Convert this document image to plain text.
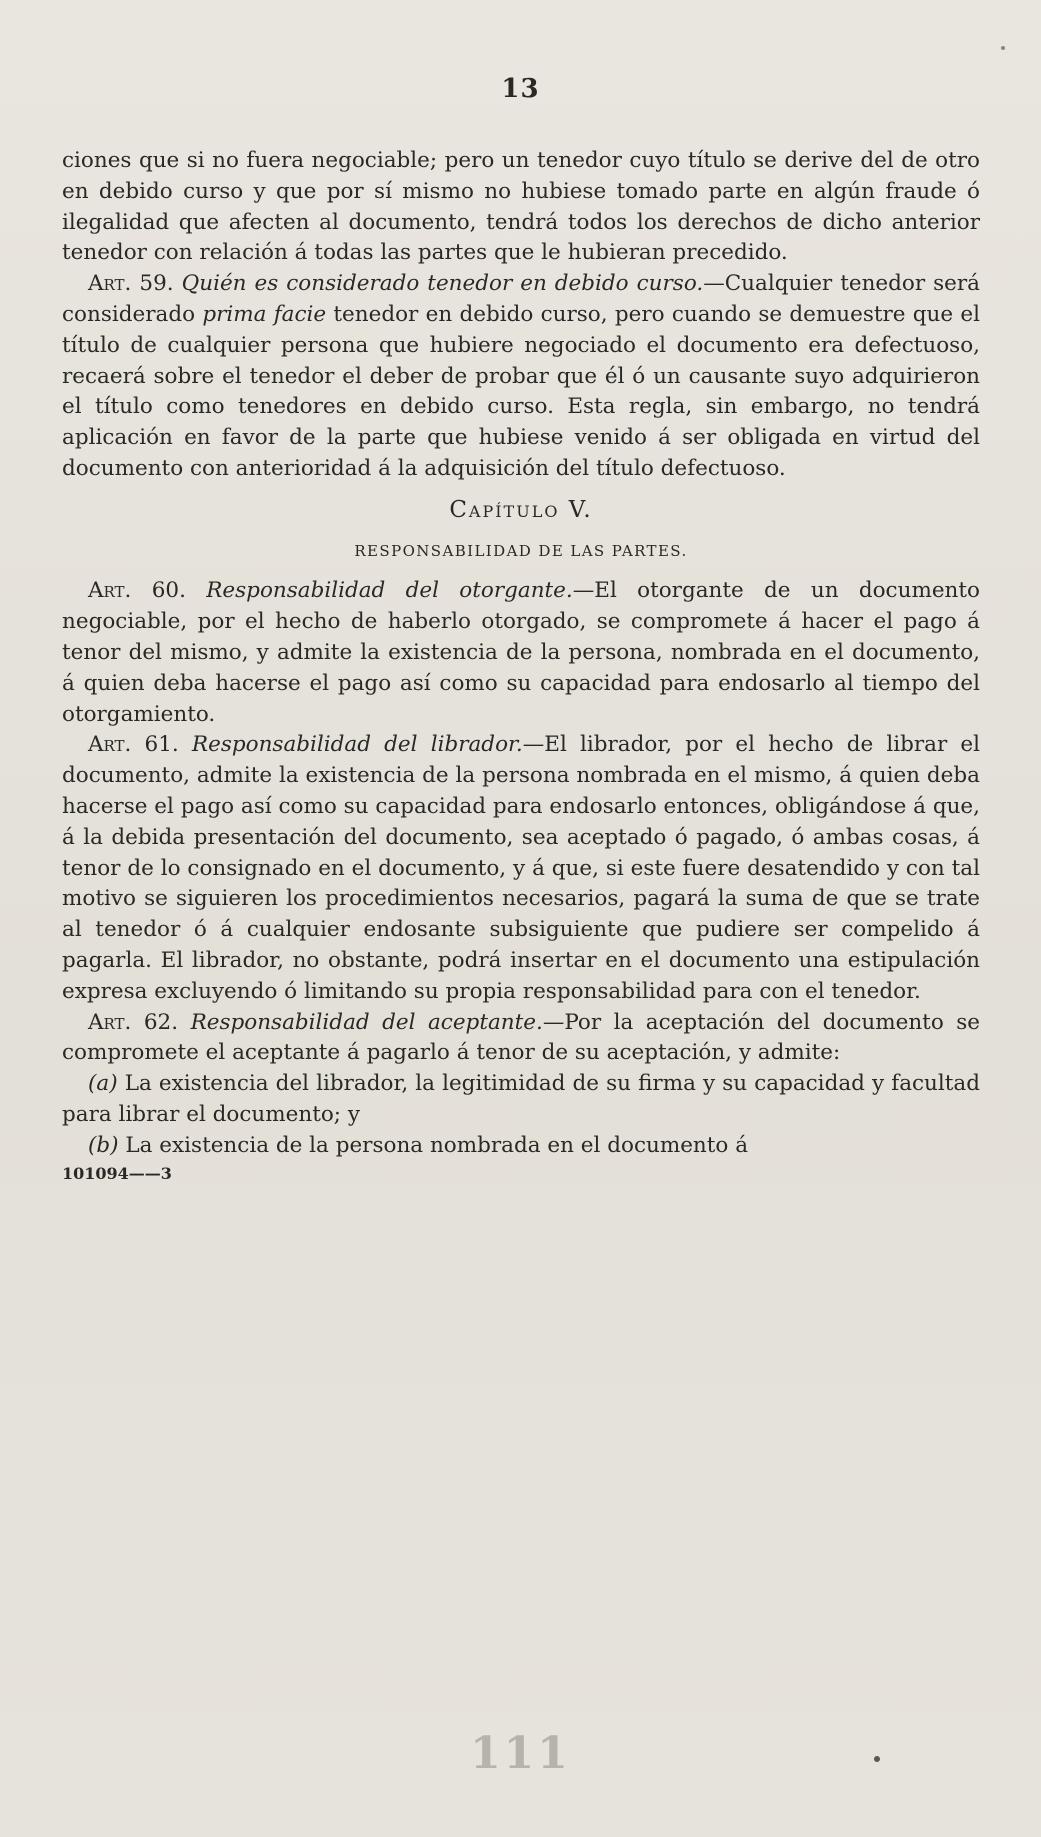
13

ciones que si no fuera negociable; pero un tenedor cuyo título se derive del de otro en debido curso y que por sí mismo no hubiese tomado parte en algún fraude ó ilegalidad que afecten al documento, tendrá todos los derechos de dicho anterior tenedor con relación á todas las partes que le hubieran precedido.

Art. 59. Quién es considerado tenedor en debido curso.—Cualquier tenedor será considerado prima facie tenedor en debido curso, pero cuando se demuestre que el título de cualquier persona que hubiere negociado el documento era defectuoso, recaerá sobre el tenedor el deber de probar que él ó un causante suyo adquirieron el título como tenedores en debido curso. Esta regla, sin embargo, no tendrá aplicación en favor de la parte que hubiese venido á ser obligada en virtud del documento con anterioridad á la adquisición del título defectuoso.

Capítulo V.
RESPONSABILIDAD DE LAS PARTES.

Art. 60. Responsabilidad del otorgante.—El otorgante de un documento negociable, por el hecho de haberlo otorgado, se compromete á hacer el pago á tenor del mismo, y admite la existencia de la persona, nombrada en el documento, á quien deba hacerse el pago así como su capacidad para endosarlo al tiempo del otorgamiento.

Art. 61. Responsabilidad del librador.—El librador, por el hecho de librar el documento, admite la existencia de la persona nombrada en el mismo, á quien deba hacerse el pago así como su capacidad para endosarlo entonces, obligándose á que, á la debida presentación del documento, sea aceptado ó pagado, ó ambas cosas, á tenor de lo consignado en el documento, y á que, si este fuere desatendido y con tal motivo se siguieren los procedimientos necesarios, pagará la suma de que se trate al tenedor ó á cualquier endosante subsiguiente que pudiere ser compelido á pagarla. El librador, no obstante, podrá insertar en el documento una estipulación expresa excluyendo ó limitando su propia responsabilidad para con el tenedor.

Art. 62. Responsabilidad del aceptante.—Por la aceptación del documento se compromete el aceptante á pagarlo á tenor de su aceptación, y admite:

(a) La existencia del librador, la legitimidad de su firma y su capacidad y facultad para librar el documento; y

(b) La existencia de la persona nombrada en el documento á

101094——3
111
